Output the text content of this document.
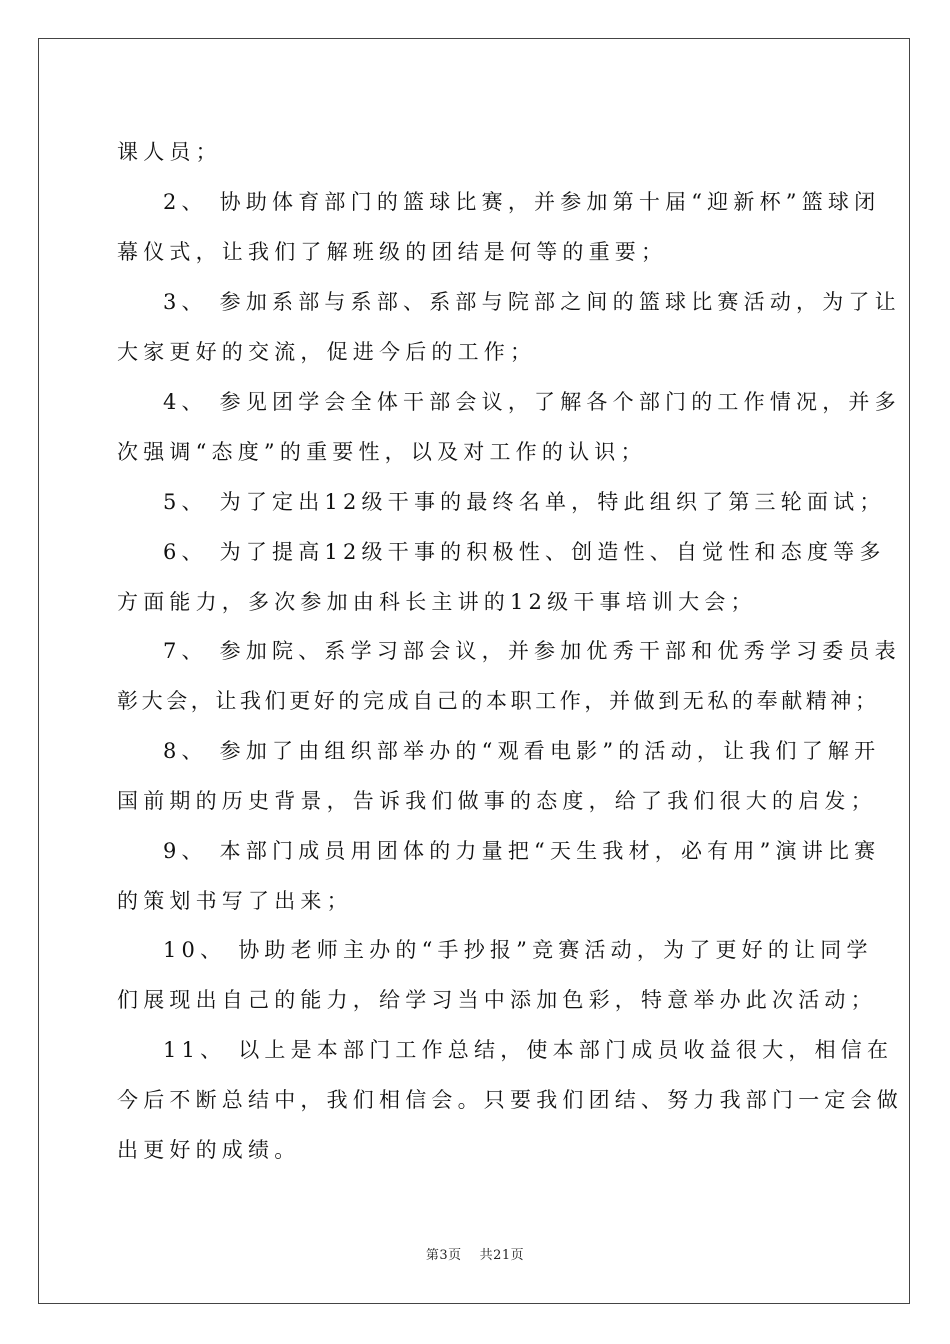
课人员；
2、 协助体育部门的篮球比赛，并参加第十届“迎新杯”篮球闭
幕仪式，让我们了解班级的团结是何等的重要；
3、 参加系部与系部、系部与院部之间的篮球比赛活动，为了让
大家更好的交流，促进今后的工作；
4、 参见团学会全体干部会议，了解各个部门的工作情况，并多
次强调“态度”的重要性，以及对工作的认识；
5、 为了定出12级干事的最终名单，特此组织了第三轮面试；
6、 为了提高12级干事的积极性、创造性、自觉性和态度等多
方面能力，多次参加由科长主讲的12级干事培训大会；
7、 参加院、系学习部会议，并参加优秀干部和优秀学习委员表
彰大会，让我们更好的完成自己的本职工作，并做到无私的奉献精神；
8、 参加了由组织部举办的“观看电影”的活动，让我们了解开
国前期的历史背景，告诉我们做事的态度，给了我们很大的启发；
9、 本部门成员用团体的力量把“天生我材，必有用”演讲比赛
的策划书写了出来；
10、 协助老师主办的“手抄报”竞赛活动，为了更好的让同学
们展现出自己的能力，给学习当中添加色彩，特意举办此次活动；
11、 以上是本部门工作总结，使本部门成员收益很大，相信在
今后不断总结中，我们相信会。只要我们团结、努力我部门一定会做
出更好的成绩。
第3页 共21页
